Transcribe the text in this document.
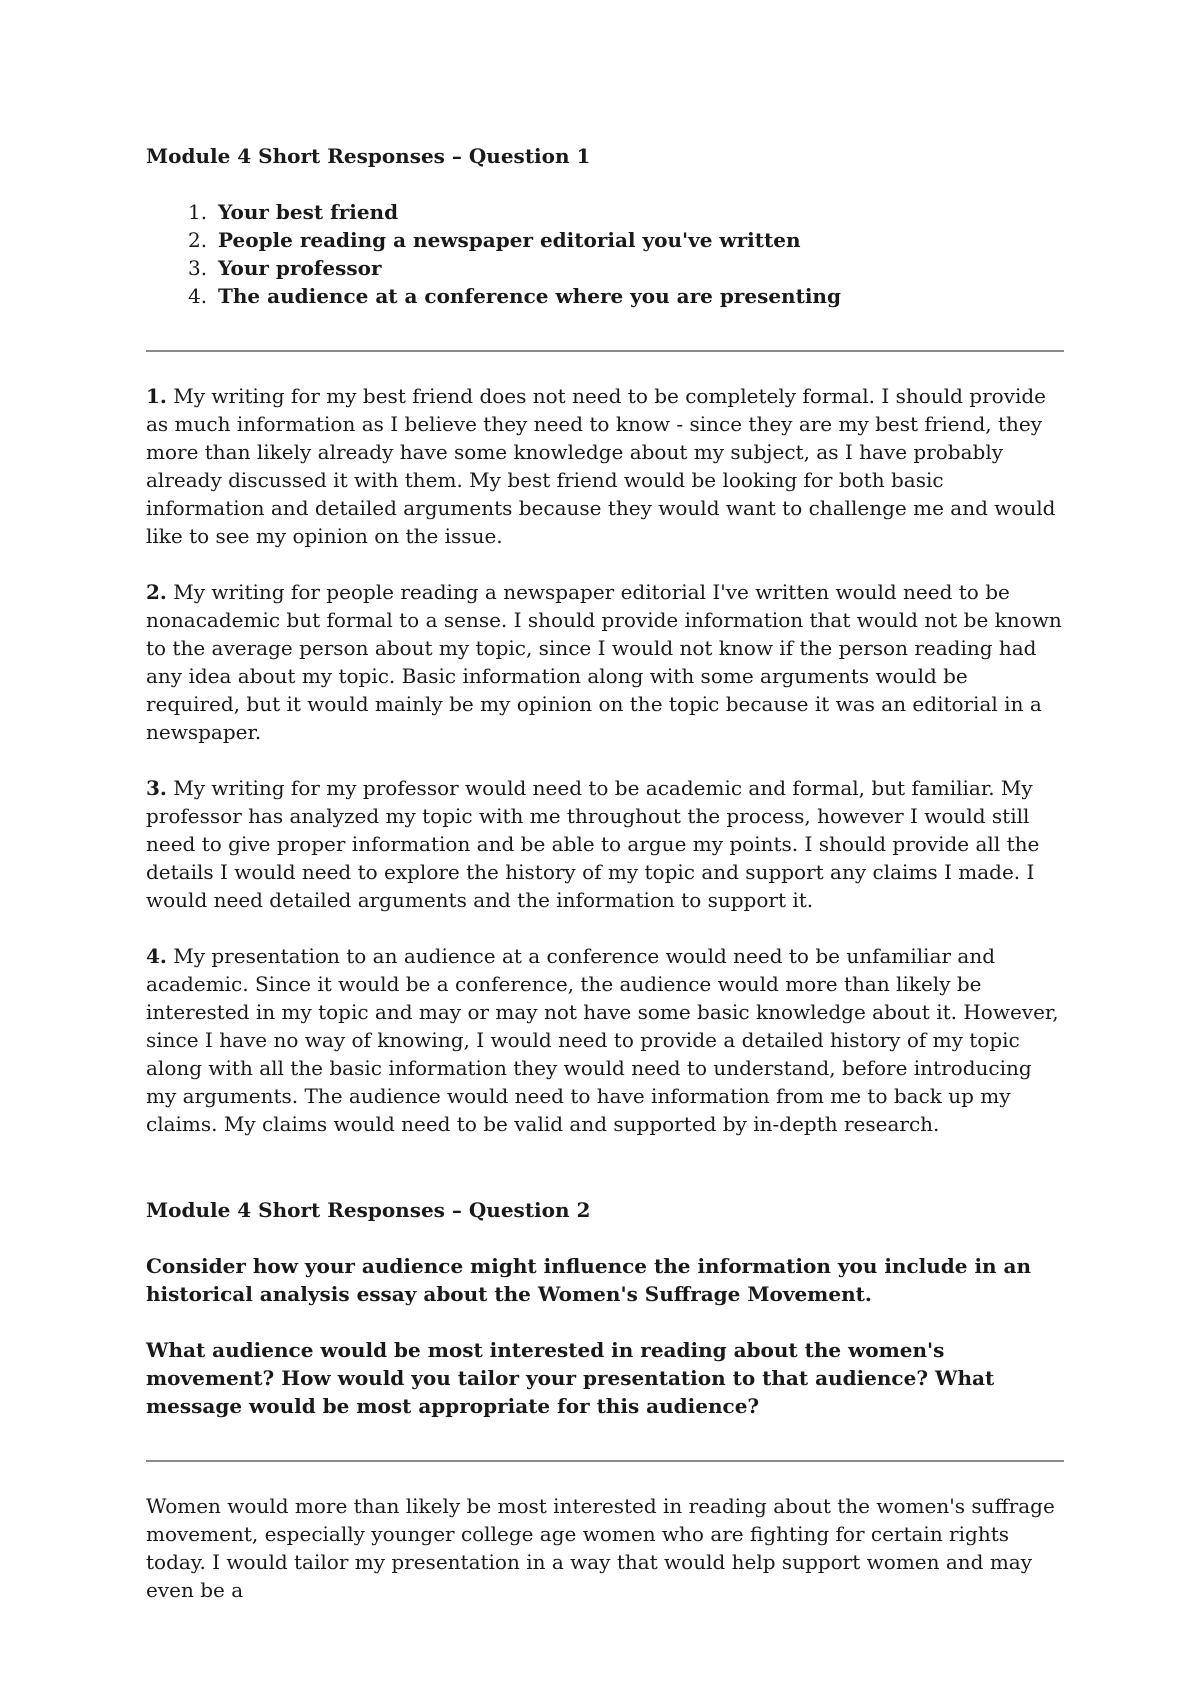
Module 4 Short Responses – Question 1
1. Your best friend
2. People reading a newspaper editorial you've written
3. Your professor
4. The audience at a conference where you are presenting

1. My writing for my best friend does not need to be completely formal. I should provide as much information as I believe they need to know - since they are my best friend, they more than likely already have some knowledge about my subject, as I have probably already discussed it with them. My best friend would be looking for both basic information and detailed arguments because they would want to challenge me and would like to see my opinion on the issue.

2. My writing for people reading a newspaper editorial I've written would need to be nonacademic but formal to a sense. I should provide information that would not be known to the average person about my topic, since I would not know if the person reading had any idea about my topic. Basic information along with some arguments would be required, but it would mainly be my opinion on the topic because it was an editorial in a newspaper.

3. My writing for my professor would need to be academic and formal, but familiar. My professor has analyzed my topic with me throughout the process, however I would still need to give proper information and be able to argue my points. I should provide all the details I would need to explore the history of my topic and support any claims I made. I would need detailed arguments and the information to support it.

4. My presentation to an audience at a conference would need to be unfamiliar and academic. Since it would be a conference, the audience would more than likely be interested in my topic and may or may not have some basic knowledge about it. However, since I have no way of knowing, I would need to provide a detailed history of my topic along with all the basic information they would need to understand, before introducing my arguments. The audience would need to have information from me to back up my claims. My claims would need to be valid and supported by in-depth research.

Module 4 Short Responses – Question 2

Consider how your audience might influence the information you include in an historical analysis essay about the Women's Suffrage Movement.

What audience would be most interested in reading about the women's movement? How would you tailor your presentation to that audience? What message would be most appropriate for this audience?

Women would more than likely be most interested in reading about the women's suffrage movement, especially younger college age women who are fighting for certain rights today. I would tailor my presentation in a way that would help support women and may even be a
